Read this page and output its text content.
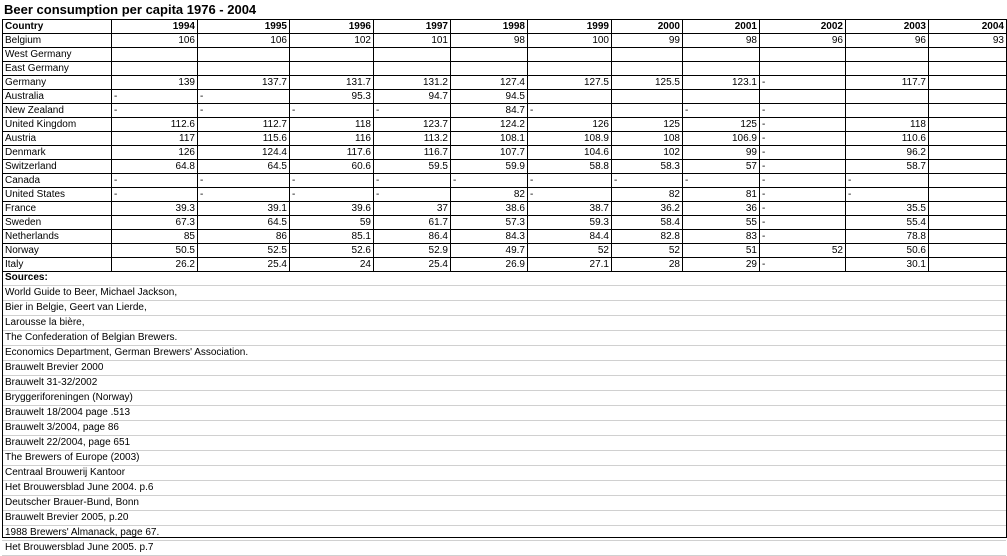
Beer consumption per capita 1976 - 2004
Country	1994	1995	1996	1997	1998	1999	2000	2001	2002	2003	2004
Belgium	106	106	102	101	98	100	99	98	96	96	93
West Germany											
East Germany											
Germany	139	137.7	131.7	131.2	127.4	127.5	125.5	123.1	-	117.7	
Australia	-	-	95.3	94.7	94.5						
New Zealand	-	-	-	-	84.7	-		-	-		
United Kingdom	112.6	112.7	118	123.7	124.2	126	125	125	-	118	
Austria	117	115.6	116	113.2	108.1	108.9	108	106.9	-	110.6	
Denmark	126	124.4	117.6	116.7	107.7	104.6	102	99	-	96.2	
Switzerland	64.8	64.5	60.6	59.5	59.9	58.8	58.3	57	-	58.7	
Canada	-	-	-	-	-	-	-	-	-	-	
United States	-	-	-	-	82	-	82	81	-	-	
France	39.3	39.1	39.6	37	38.6	38.7	36.2	36	-	35.5	
Sweden	67.3	64.5	59	61.7	57.3	59.3	58.4	55	-	55.4	
Netherlands	85	86	85.1	86.4	84.3	84.4	82.8	83	-	78.8	
Norway	50.5	52.5	52.6	52.9	49.7	52	52	51	52	50.6	
Italy	26.2	25.4	24	25.4	26.9	27.1	28	29	-	30.1	
Sources:
World Guide to Beer, Michael Jackson,
Bier in Belgie, Geert van Lierde,
Larousse la bière,
The Confederation of Belgian Brewers.
Economics Department, German Brewers' Association.
Brauwelt Brevier 2000
Brauwelt 31-32/2002
Bryggeriforeningen (Norway)
Brauwelt 18/2004 page .513
Brauwelt 3/2004, page 86
Brauwelt 22/2004, page 651
The Brewers of Europe (2003)
Centraal Brouwerij Kantoor
Het Brouwersblad June 2004. p.6
Deutscher Brauer-Bund, Bonn
Brauwelt Brevier 2005, p.20
1988 Brewers' Almanack, page 67.
Het Brouwersblad June 2005. p.7
